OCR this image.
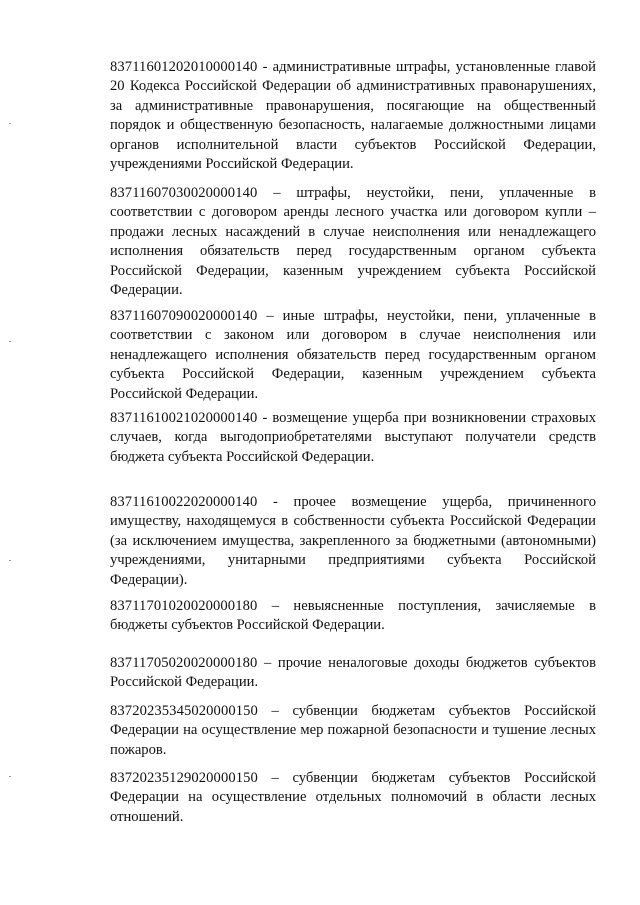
83711601202010000140 - административные штрафы, установленные главой 20 Кодекса Российской Федерации об административных правонарушениях, за административные правонарушения, посягающие на общественный порядок и общественную безопасность, налагаемые должностными лицами органов исполнительной власти субъектов Российской Федерации, учреждениями Российской Федерации.

83711607030020000140 – штрафы, неустойки, пени, уплаченные в соответствии с договором аренды лесного участка или договором купли – продажи лесных насаждений в случае неисполнения или ненадлежащего исполнения обязательств перед государственным органом субъекта Российской Федерации, казенным учреждением субъекта Российской Федерации.

83711607090020000140 – иные штрафы, неустойки, пени, уплаченные в соответствии с законом или договором в случае неисполнения или ненадлежащего исполнения обязательств перед государственным органом субъекта Российской Федерации, казенным учреждением субъекта Российской Федерации.

83711610021020000140 - возмещение ущерба при возникновении страховых случаев, когда выгодоприобретателями выступают получатели средств бюджета субъекта Российской Федерации.

83711610022020000140 - прочее возмещение ущерба, причиненного имуществу, находящемуся в собственности субъекта Российской Федерации (за исключением имущества, закрепленного за бюджетными (автономными) учреждениями, унитарными предприятиями субъекта Российской Федерации).

83711701020020000180 – невыясненные поступления, зачисляемые в бюджеты субъектов Российской Федерации.

83711705020020000180 – прочие неналоговые доходы бюджетов субъектов Российской Федерации.

83720235345020000150 – субвенции бюджетам субъектов Российской Федерации на осуществление мер пожарной безопасности и тушение лесных пожаров.

83720235129020000150 – субвенции бюджетам субъектов Российской Федерации на осуществление отдельных полномочий в области лесных отношений.
